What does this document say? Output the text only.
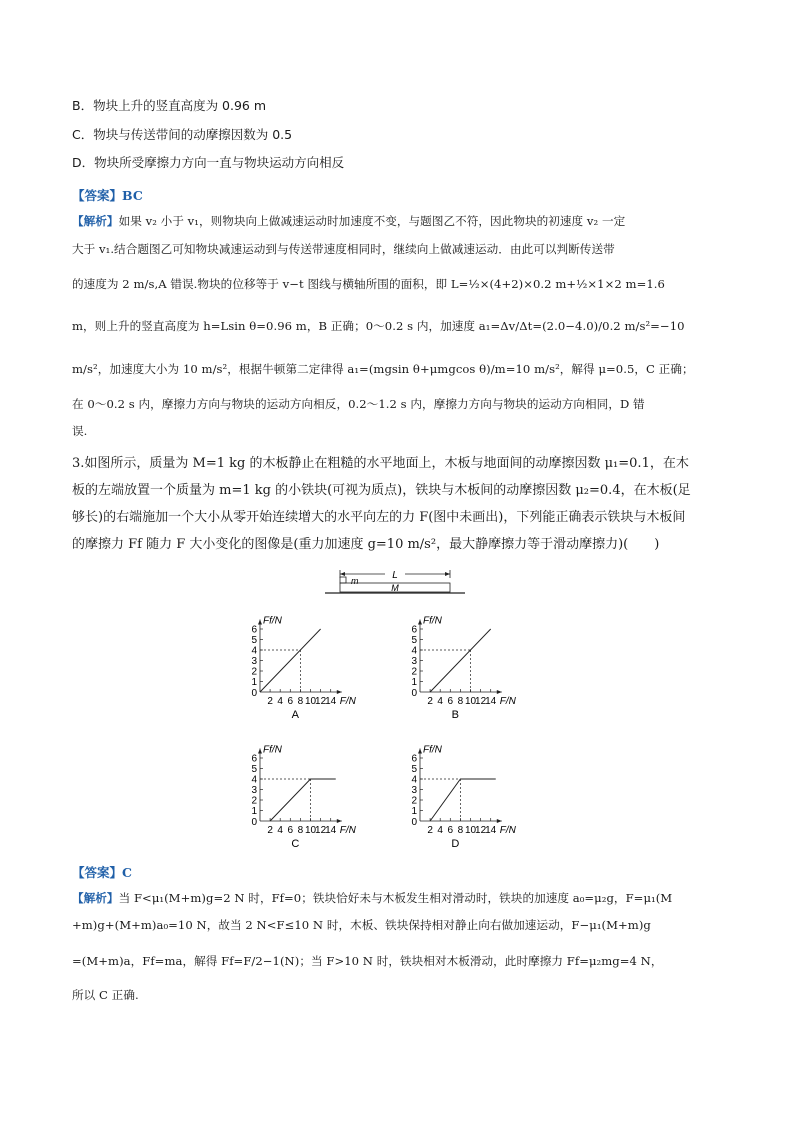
B．物块上升的竖直高度为 0.96 m
C．物块与传送带间的动摩擦因数为 0.5
D．物块所受摩擦力方向一直与物块运动方向相反
【答案】BC
【解析】如果 v₂ 小于 v₁，则物块向上做减速运动时加速度不变，与题图乙不符，因此物块的初速度 v₂ 一定
大于 v₁.结合题图乙可知物块减速运动到与传送带速度相同时，继续向上做减速运动．由此可以判断传送带
的速度为 2 m/s,A 错误.物块的位移等于 v−t 图线与横轴所围的面积，即 L=½×(4+2)×0.2 m+½×1×2 m=1.6
m，则上升的竖直高度为 h=Lsin θ=0.96 m，B 正确；0～0.2 s 内，加速度 a₁=Δv/Δt=(2.0−4.0)/0.2 m/s²=−10
m/s²，加速度大小为 10 m/s²，根据牛顿第二定律得 a₁=(mgsin θ+μmgcos θ)/m=10 m/s²，解得 μ=0.5，C 正确；
在 0～0.2 s 内，摩擦力方向与物块的运动方向相反，0.2～1.2 s 内，摩擦力方向与物块的运动方向相同，D 错
误.
3.如图所示，质量为 M=1 kg 的木板静止在粗糙的水平地面上，木板与地面间的动摩擦因数 μ₁=0.1，在木
板的左端放置一个质量为 m=1 kg 的小铁块(可视为质点)，铁块与木板间的动摩擦因数 μ₂=0.4，在木板(足
够长)的右端施加一个大小从零开始连续增大的水平向左的力 F(图中未画出)，下列能正确表示铁块与木板间
的摩擦力 Ff 随力 F 大小变化的图像是(重力加速度 g=10 m/s²，最大静摩擦力等于滑动摩擦力)(　　)
L
m
M
1
2
3
4
5
6
2 4 6 8 10
12
14
0
Ff/N
F/N
A
1
2
3
4
5
6
2 4 6 8 10
12
14
0
Ff/N
F/N
B
1
2
3
4
5
6
2 4 6 8 10
12
14
0
Ff/N
F/N
C
1
2
3
4
5
6
2 4 6 8 10
12
14
0
Ff/N
F/N
D
【答案】C
【解析】当 F<μ₁(M+m)g=2 N 时，Ff=0；铁块恰好未与木板发生相对滑动时，铁块的加速度 a₀=μ₂g，F=μ₁(M
+m)g+(M+m)a₀=10 N，故当 2 N<F≤10 N 时，木板、铁块保持相对静止向右做加速运动，F−μ₁(M+m)g
=(M+m)a，Ff=ma，解得 Ff=F/2−1(N)；当 F>10 N 时，铁块相对木板滑动，此时摩擦力 Ff=μ₂mg=4 N，
所以 C 正确.
